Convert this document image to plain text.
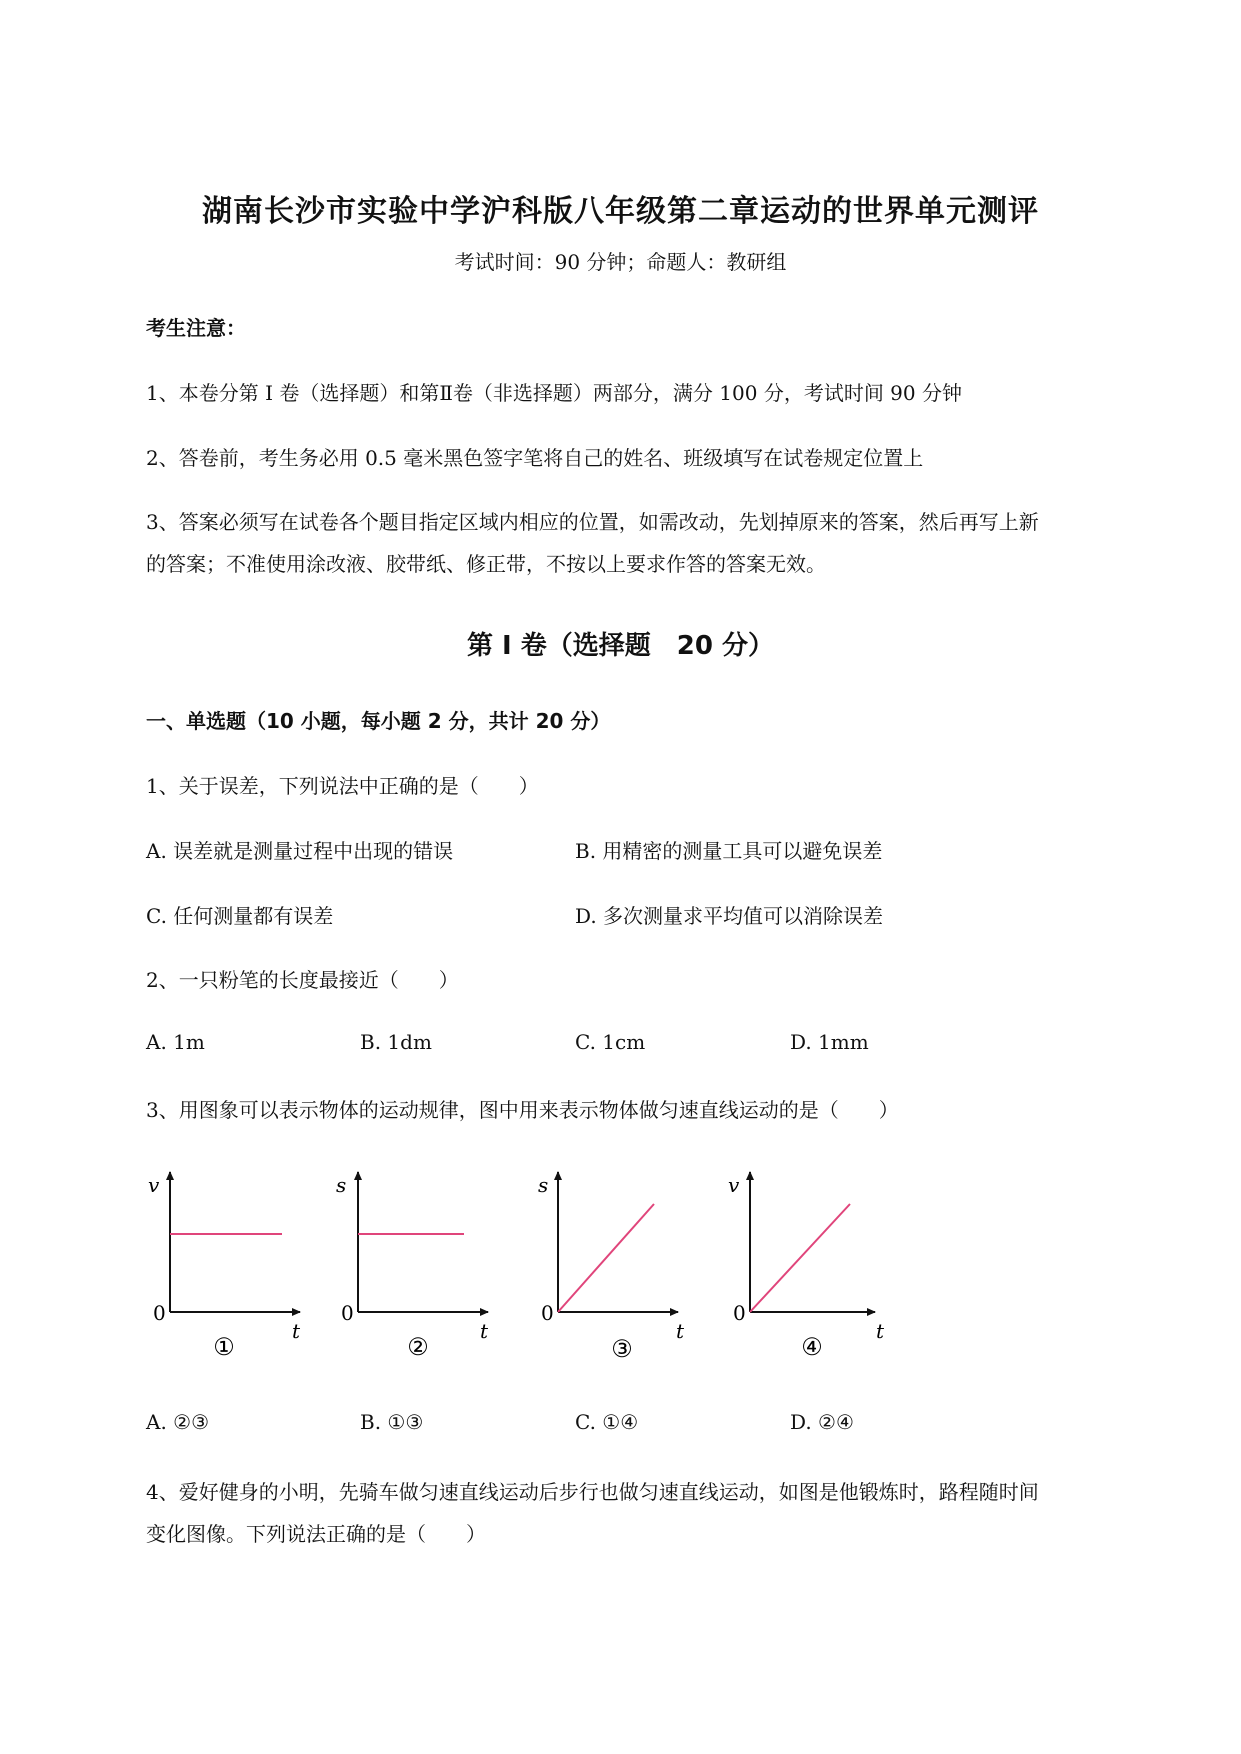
湖南长沙市实验中学沪科版八年级第二章运动的世界单元测评
考试时间：90 分钟；命题人：教研组
考生注意：
1、本卷分第 I 卷（选择题）和第Ⅱ卷（非选择题）两部分，满分 100 分，考试时间 90 分钟
2、答卷前，考生务必用 0.5 毫米黑色签字笔将自己的姓名、班级填写在试卷规定位置上
3、答案必须写在试卷各个题目指定区域内相应的位置，如需改动，先划掉原来的答案，然后再写上新
的答案；不准使用涂改液、胶带纸、修正带，不按以上要求作答的答案无效。
第 I 卷（选择题　20 分）
一、单选题（10 小题，每小题 2 分，共计 20 分）
1、关于误差，下列说法中正确的是（　　）
A. 误差就是测量过程中出现的错误	B. 用精密的测量工具可以避免误差
C. 任何测量都有误差	D. 多次测量求平均值可以消除误差
2、一只粉笔的长度最接近（　　）
A. 1m	B. 1dm	C. 1cm	D. 1mm
3、用图象可以表示物体的运动规律，图中用来表示物体做匀速直线运动的是（　　）
v
t
0
①
s
t
0
②
s
t
0
③
v
t
0
④
A. ②③	B. ①③	C. ①④	D. ②④
4、爱好健身的小明，先骑车做匀速直线运动后步行也做匀速直线运动，如图是他锻炼时，路程随时间
变化图像。下列说法正确的是（　　）
